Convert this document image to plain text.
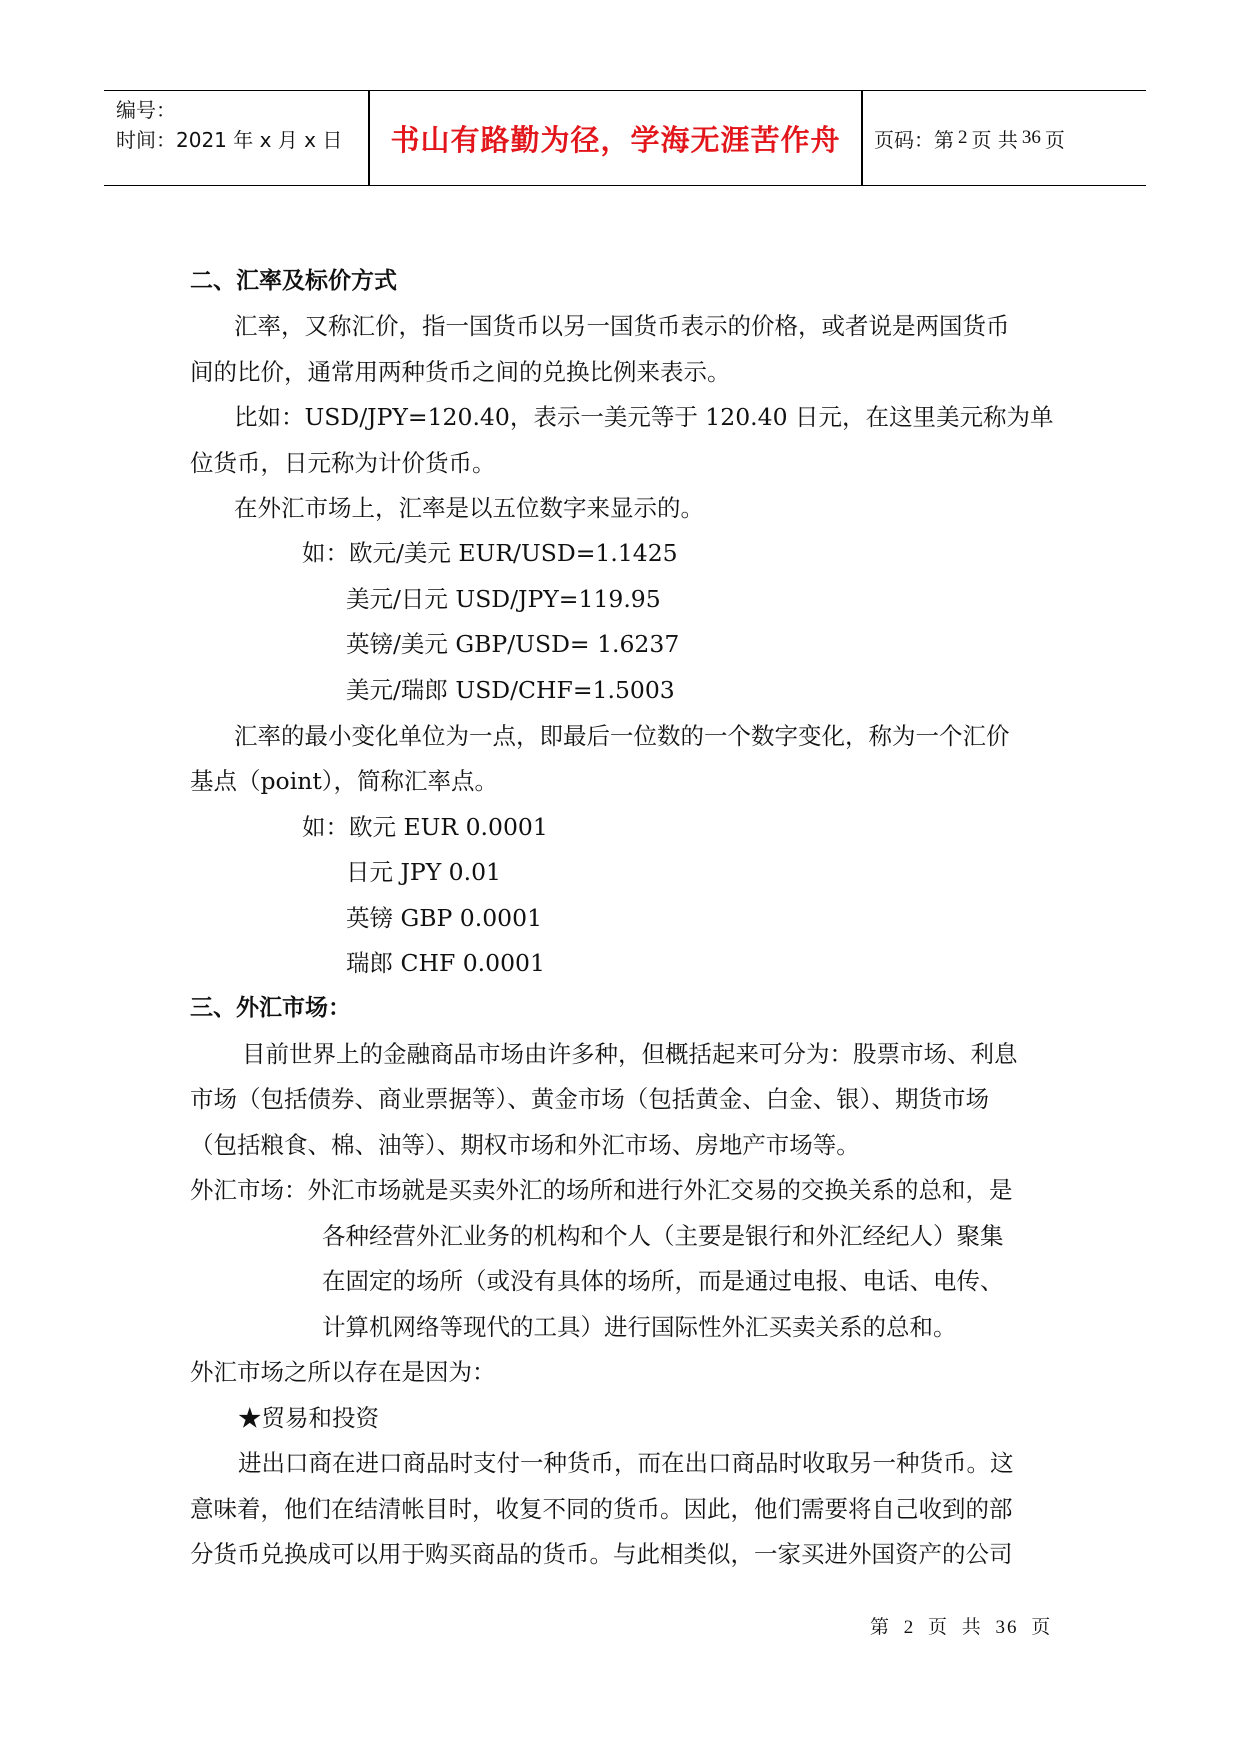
编号：
时间：2021 年 x 月 x 日	书山有路勤为径，学海无涯苦作舟	页码：第 2 页 共 36 页
二、汇率及标价方式
汇率，又称汇价，指一国货币以另一国货币表示的价格，或者说是两国货币
间的比价，通常用两种货币之间的兑换比例来表示。
比如：USD/JPY=120.40，表示一美元等于 120.40 日元，在这里美元称为单
位货币，日元称为计价货币。
在外汇市场上，汇率是以五位数字来显示的。
如：欧元/美元 EUR/USD=1.1425
美元/日元 USD/JPY=119.95
英镑/美元 GBP/USD= 1.6237
美元/瑞郎 USD/CHF=1.5003
汇率的最小变化单位为一点，即最后一位数的一个数字变化，称为一个汇价
基点（point），简称汇率点。
如：欧元 EUR 0.0001
日元 JPY 0.01
英镑 GBP 0.0001
瑞郎 CHF 0.0001
三、外汇市场：
目前世界上的金融商品市场由许多种，但概括起来可分为：股票市场、利息
市场（包括债券、商业票据等）、黄金市场（包括黄金、白金、银）、期货市场
（包括粮食、棉、油等）、期权市场和外汇市场、房地产市场等。
外汇市场：外汇市场就是买卖外汇的场所和进行外汇交易的交换关系的总和，是
各种经营外汇业务的机构和个人（主要是银行和外汇经纪人）聚集
在固定的场所（或没有具体的场所，而是通过电报、电话、电传、
计算机网络等现代的工具）进行国际性外汇买卖关系的总和。
外汇市场之所以存在是因为：
★贸易和投资
进出口商在进口商品时支付一种货币，而在出口商品时收取另一种货币。这
意味着，他们在结清帐目时，收复不同的货币。因此，他们需要将自己收到的部
分货币兑换成可以用于购买商品的货币。与此相类似，一家买进外国资产的公司
第 2 页 共 36 页
